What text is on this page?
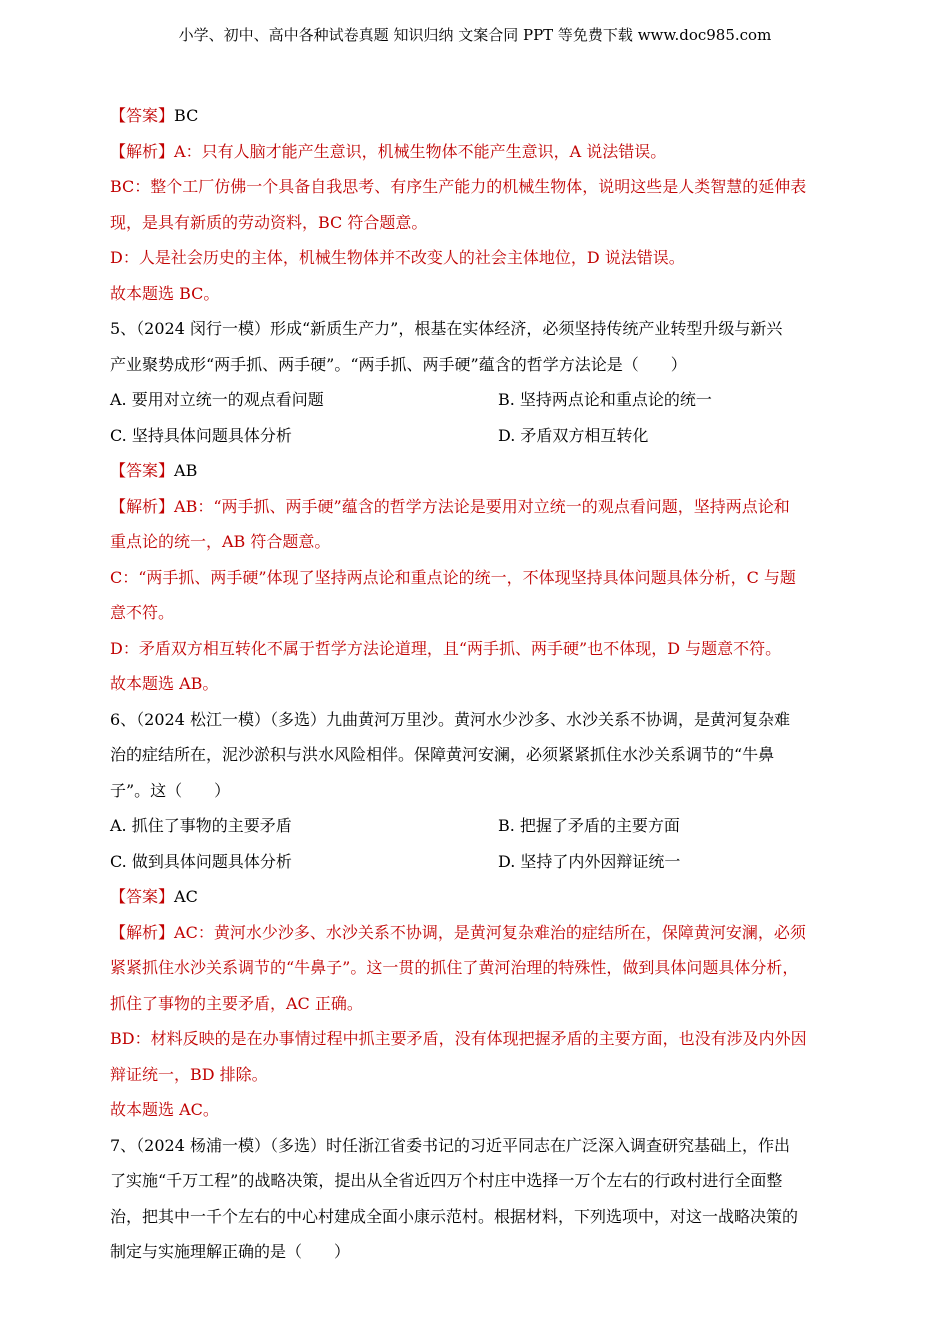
小学、初中、高中各种试卷真题 知识归纳 文案合同 PPT 等免费下载 www.doc985.com
【答案】BC
【解析】A：只有人脑才能产生意识，机械生物体不能产生意识，A 说法错误。
BC：整个工厂仿佛一个具备自我思考、有序生产能力的机械生物体，说明这些是人类智慧的延伸表
现，是具有新质的劳动资料，BC 符合题意。
D：人是社会历史的主体，机械生物体并不改变人的社会主体地位，D 说法错误。
故本题选 BC。
5、（2024 闵行一模）形成“新质生产力”，根基在实体经济，必须坚持传统产业转型升级与新兴
产业聚势成形“两手抓、两手硬”。“两手抓、两手硬”蕴含的哲学方法论是（　　）
A. 要用对立统一的观点看问题	B. 坚持两点论和重点论的统一
C. 坚持具体问题具体分析	D. 矛盾双方相互转化
【答案】AB
【解析】AB：“两手抓、两手硬”蕴含的哲学方法论是要用对立统一的观点看问题，坚持两点论和
重点论的统一，AB 符合题意。
C：“两手抓、两手硬”体现了坚持两点论和重点论的统一，不体现坚持具体问题具体分析，C 与题
意不符。
D：矛盾双方相互转化不属于哲学方法论道理，且“两手抓、两手硬”也不体现，D 与题意不符。
故本题选 AB。
6、（2024 松江一模）（多选）九曲黄河万里沙。黄河水少沙多、水沙关系不协调，是黄河复杂难
治的症结所在，泥沙淤积与洪水风险相伴。保障黄河安澜，必须紧紧抓住水沙关系调节的“牛鼻
子”。这（　　）
A. 抓住了事物的主要矛盾	B. 把握了矛盾的主要方面
C. 做到具体问题具体分析	D. 坚持了内外因辩证统一
【答案】AC
【解析】AC：黄河水少沙多、水沙关系不协调，是黄河复杂难治的症结所在，保障黄河安澜，必须
紧紧抓住水沙关系调节的“牛鼻子”。这一贯的抓住了黄河治理的特殊性，做到具体问题具体分析，
抓住了事物的主要矛盾，AC 正确。
BD：材料反映的是在办事情过程中抓主要矛盾，没有体现把握矛盾的主要方面，也没有涉及内外因
辩证统一，BD 排除。
故本题选 AC。
7、（2024 杨浦一模）（多选）时任浙江省委书记的习近平同志在广泛深入调查研究基础上，作出
了实施“千万工程”的战略决策，提出从全省近四万个村庄中选择一万个左右的行政村进行全面整
治，把其中一千个左右的中心村建成全面小康示范村。根据材料，下列选项中，对这一战略决策的
制定与实施理解正确的是（　　）
